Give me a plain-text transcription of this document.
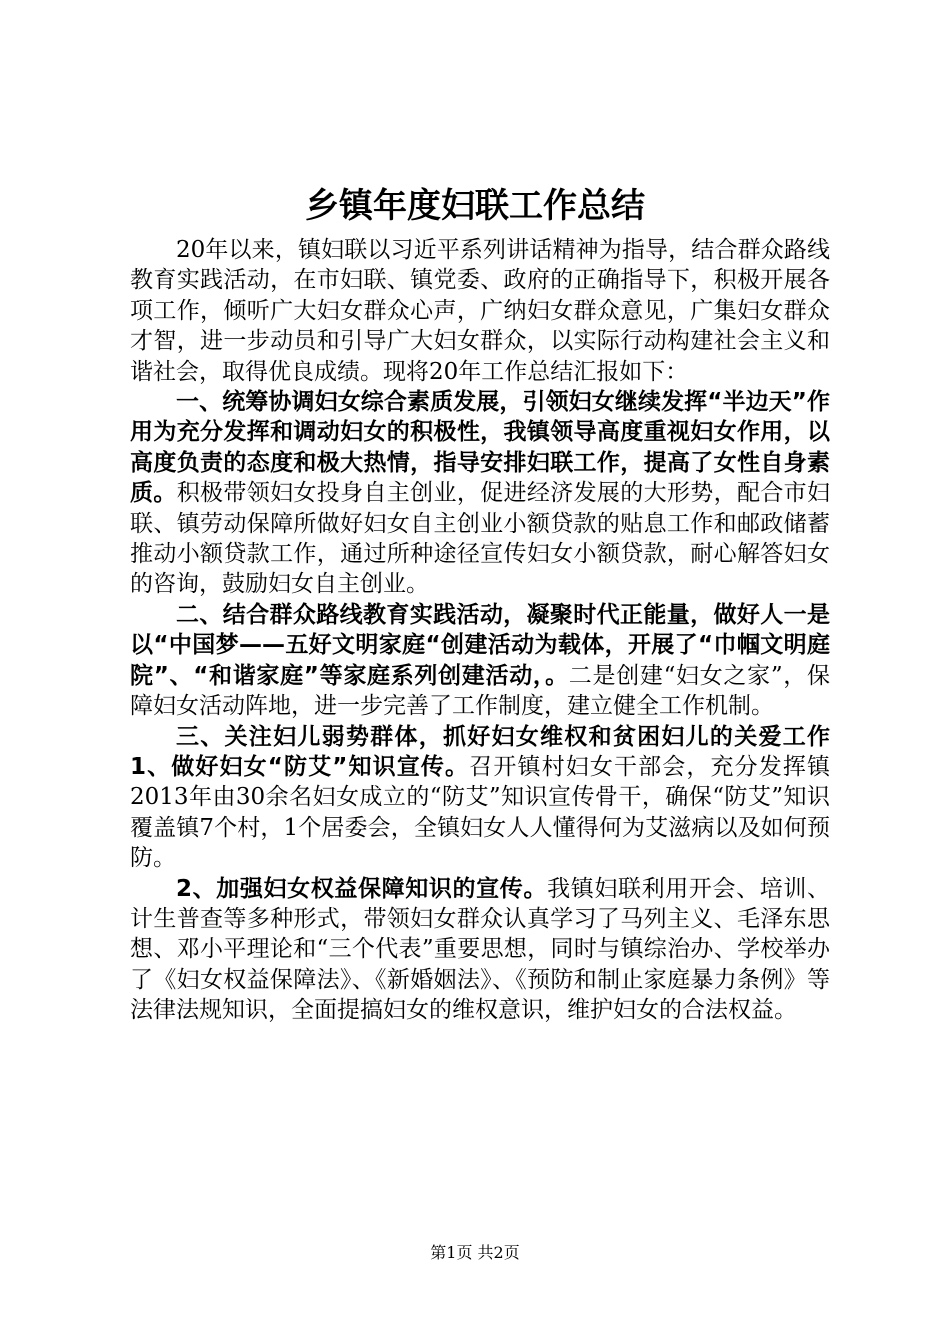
乡镇年度妇联工作总结

20年以来，镇妇联以习近平系列讲话精神为指导，结合群众路线教育实践活动，在市妇联、镇党委、政府的正确指导下，积极开展各项工作，倾听广大妇女群众心声，广纳妇女群众意见，广集妇女群众才智，进一步动员和引导广大妇女群众，以实际行动构建社会主义和谐社会，取得优良成绩。现将20年工作总结汇报如下：

一、统筹协调妇女综合素质发展，引领妇女继续发挥“半边天”作用为充分发挥和调动妇女的积极性，我镇领导高度重视妇女作用，以高度负责的态度和极大热情，指导安排妇联工作，提高了女性自身素质。积极带领妇女投身自主创业，促进经济发展的大形势，配合市妇联、镇劳动保障所做好妇女自主创业小额贷款的贴息工作和邮政储蓄推动小额贷款工作，通过所种途径宣传妇女小额贷款，耐心解答妇女的咨询，鼓励妇女自主创业。

二、结合群众路线教育实践活动，凝聚时代正能量，做好人一是以“中国梦——五好文明家庭“创建活动为载体，开展了“巾帼文明庭院”、“和谐家庭”等家庭系列创建活动，。二是创建“妇女之家”，保障妇女活动阵地，进一步完善了工作制度，建立健全工作机制。

三、关注妇儿弱势群体，抓好妇女维权和贫困妇儿的关爱工作 1、做好妇女“防艾”知识宣传。召开镇村妇女干部会，充分发挥镇2013年由30余名妇女成立的“防艾”知识宣传骨干，确保“防艾”知识覆盖镇7个村，1个居委会，全镇妇女人人懂得何为艾滋病以及如何预防。

2、加强妇女权益保障知识的宣传。我镇妇联利用开会、培训、计生普查等多种形式，带领妇女群众认真学习了马列主义、毛泽东思想、邓小平理论和“三个代表”重要思想，同时与镇综治办、学校举办了《妇女权益保障法》、《新婚姻法》、《预防和制止家庭暴力条例》等法律法规知识，全面提搞妇女的维权意识，维护妇女的合法权益。

第1页 共2页
